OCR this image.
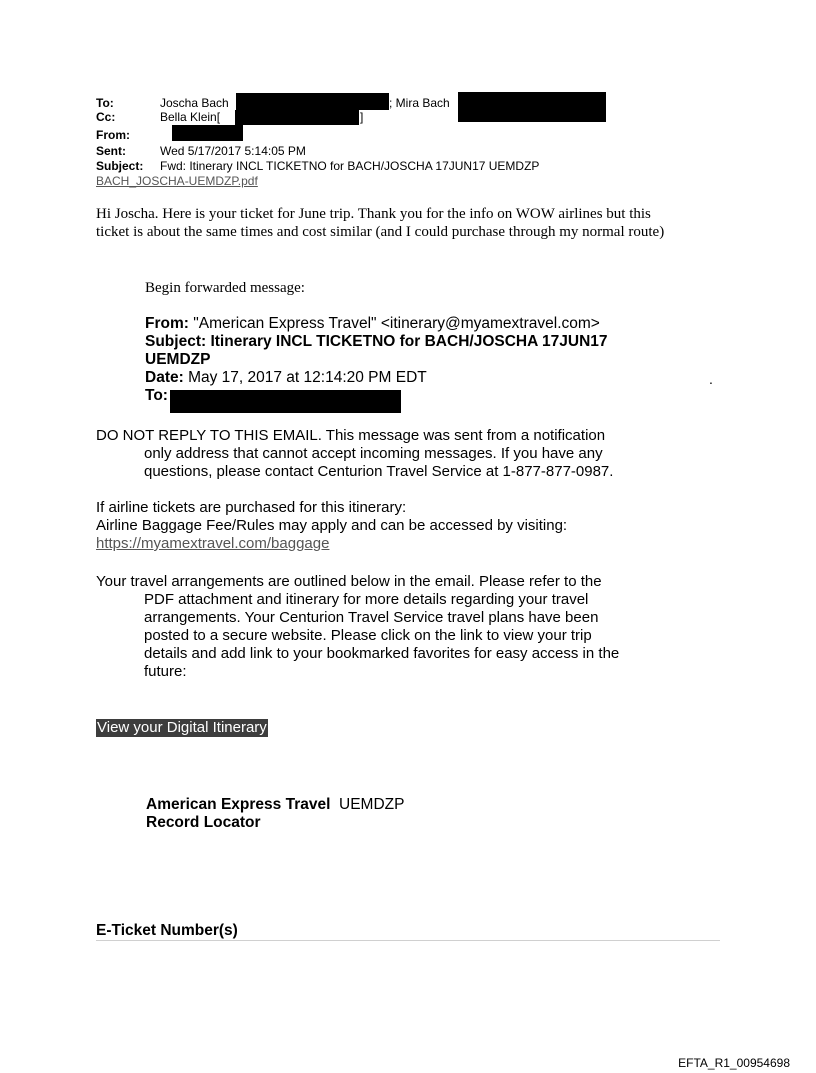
To:	Joscha Bach	; Mira Bach
Cc:	Bella Klein[	]
From:
Sent:	Wed 5/17/2017 5:14:05 PM
Subject: Fwd: Itinerary INCL TICKETNO for BACH/JOSCHA 17JUN17 UEMDZP
BACH_JOSCHA-UEMDZP.pdf
Hi Joscha. Here is your ticket for June trip. Thank you for the info on WOW airlines but this
ticket is about the same times and cost similar (and I could purchase through my normal route)
Begin forwarded message:
From: "American Express Travel" <itinerary@myamextravel.com>
Subject: Itinerary INCL TICKETNO for BACH/JOSCHA 17JUN17
UEMDZP
Date: May 17, 2017 at 12:14:20 PM EDT
To:
.
DO NOT REPLY TO THIS EMAIL. This message was sent from a notification
only address that cannot accept incoming messages. If you have any
questions, please contact Centurion Travel Service at 1-877-877-0987.
If airline tickets are purchased for this itinerary:
Airline Baggage Fee/Rules may apply and can be accessed by visiting:
https://myamextravel.com/baggage
Your travel arrangements are outlined below in the email. Please refer to the
PDF attachment and itinerary for more details regarding your travel
arrangements. Your Centurion Travel Service travel plans have been
posted to a secure website. Please click on the link to view your trip
details and add link to your bookmarked favorites for easy access in the
future:
View your Digital Itinerary
American Express Travel UEMDZP
Record Locator
E-Ticket Number(s)
EFTA_R1_00954698
